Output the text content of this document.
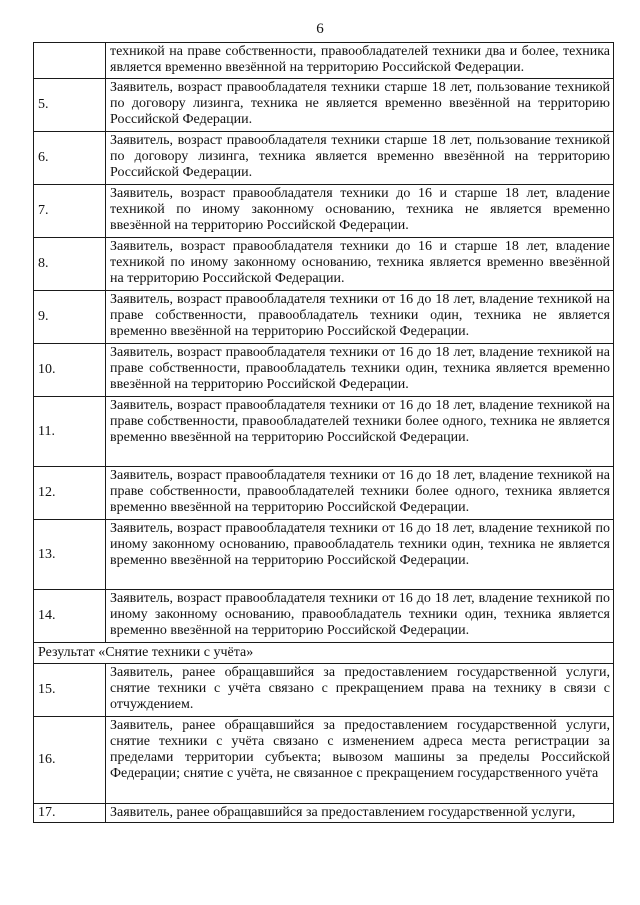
6
	техникой на праве собственности, правообладателей техники два и более, техника является временно ввезённой на территорию Российской Федерации.
5.	Заявитель, возраст правообладателя техники старше 18 лет, пользование техникой по договору лизинга, техника не является временно ввезённой на территорию Российской Федерации.
6.	Заявитель, возраст правообладателя техники старше 18 лет, пользование техникой по договору лизинга, техника является временно ввезённой на территорию Российской Федерации.
7.	Заявитель, возраст правообладателя техники до 16 и старше 18 лет, владение техникой по иному законному основанию, техника не является временно ввезённой на территорию Российской Федерации.
8.	Заявитель, возраст правообладателя техники до 16 и старше 18 лет, владение техникой по иному законному основанию, техника является временно ввезённой на территорию Российской Федерации.
9.	Заявитель, возраст правообладателя техники от 16 до 18 лет, владение техникой на праве собственности, правообладатель техники один, техника не является временно ввезённой на территорию Российской Федерации.
10.	Заявитель, возраст правообладателя техники от 16 до 18 лет, владение техникой на праве собственности, правообладатель техники один, техника является временно ввезённой на территорию Российской Федерации.
11.	Заявитель, возраст правообладателя техники от 16 до 18 лет, владение техникой на праве собственности, правообладателей техники более одного, техника не является временно ввезённой на территорию Российской Федерации.
12.	Заявитель, возраст правообладателя техники от 16 до 18 лет, владение техникой на праве собственности, правообладателей техники более одного, техника является временно ввезённой на территорию Российской Федерации.
13.	Заявитель, возраст правообладателя техники от 16 до 18 лет, владение техникой по иному законному основанию, правообладатель техники один, техника не является временно ввезённой на территорию Российской Федерации.
14.	Заявитель, возраст правообладателя техники от 16 до 18 лет, владение техникой по иному законному основанию, правообладатель техники один, техника является временно ввезённой на территорию Российской Федерации.
Результат «Снятие техники с учёта»	
15.	Заявитель, ранее обращавшийся за предоставлением государственной услуги, снятие техники с учёта связано с прекращением права на технику в связи с отчуждением.
16.	Заявитель, ранее обращавшийся за предоставлением государственной услуги, снятие техники с учёта связано с изменением адреса места регистрации за пределами территории субъекта; вывозом машины за пределы Российской Федерации; снятие с учёта, не связанное с прекращением государственного учёта
17.	Заявитель, ранее обращавшийся за предоставлением государственной услуги,
